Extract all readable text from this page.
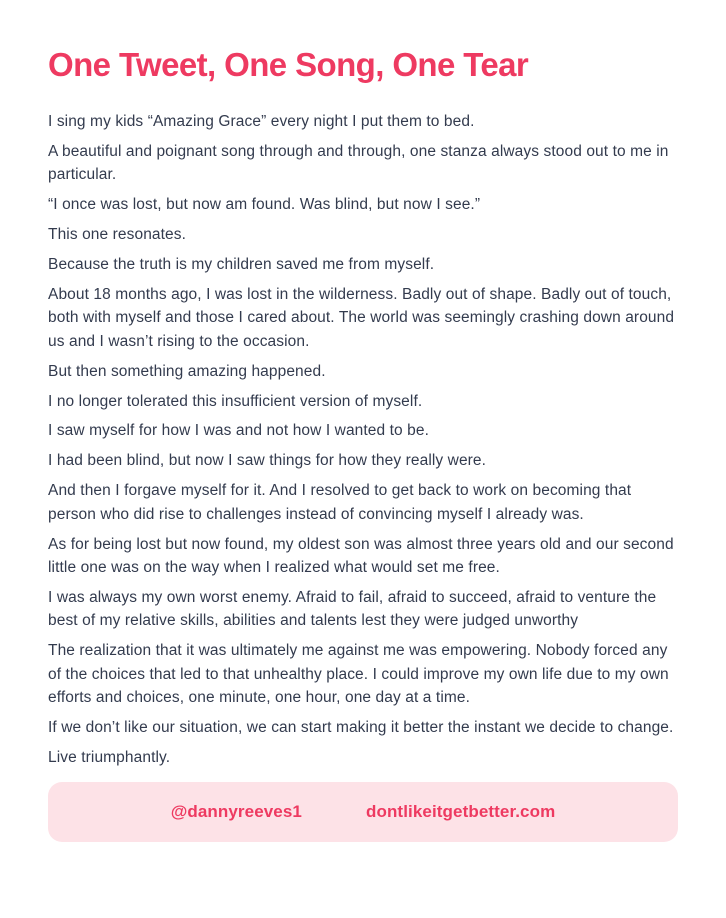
One Tweet, One Song, One Tear

I sing my kids “Amazing Grace” every night I put them to bed.

A beautiful and poignant song through and through, one stanza always stood out to me in particular.

“I once was lost, but now am found. Was blind, but now I see.”

This one resonates.

Because the truth is my children saved me from myself.

About 18 months ago, I was lost in the wilderness. Badly out of shape. Badly out of touch, both with myself and those I cared about. The world was seemingly crashing down around us and I wasn’t rising to the occasion.

But then something amazing happened.

I no longer tolerated this insufficient version of myself.

I saw myself for how I was and not how I wanted to be.

I had been blind, but now I saw things for how they really were.

And then I forgave myself for it. And I resolved to get back to work on becoming that person who did rise to challenges instead of convincing myself I already was.

As for being lost but now found, my oldest son was almost three years old and our second little one was on the way when I realized what would set me free.

I was always my own worst enemy. Afraid to fail, afraid to succeed, afraid to venture the best of my relative skills, abilities and talents lest they were judged unworthy

The realization that it was ultimately me against me was empowering. Nobody forced any of the choices that led to that unhealthy place. I could improve my own life due to my own efforts and choices, one minute, one hour, one day at a time.

If we don’t like our situation, we can start making it better the instant we decide to change.

Live triumphantly.

@dannyreeves1	dontlikeitgetbetter.com
